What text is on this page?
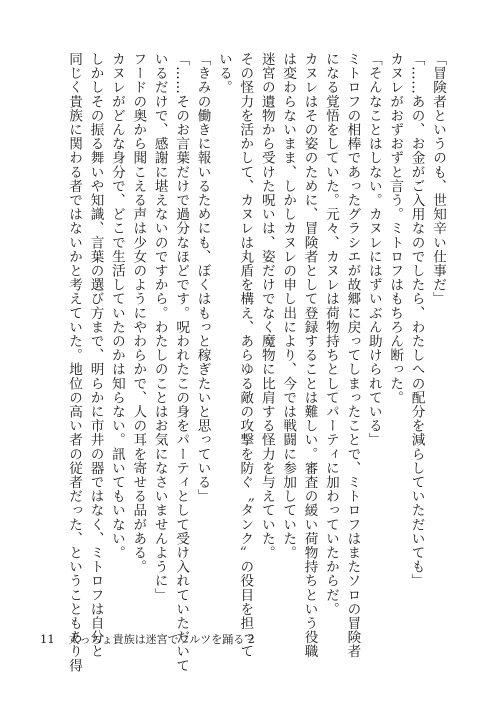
「冒険者というのも、世知辛い仕事だ」
「……あの、お金がご入用なのでしたら、わたしへの配分を減らしていただいても」
カヌレがおずおずと言う。ミトロフはもちろん断った。
「そんなことはしない。カヌレにはずいぶん助けられている」
ミトロフの相棒であったグラシエが故郷に戻ってしまったことで、ミトロフはまたソロの冒険者
になる覚悟をしていた。元々、カヌレは荷物持ちとしてパーティに加わっていたからだ。
カヌレはその姿のために、冒険者として登録することは難しい。審査の緩い荷物持ちという役職
は変わらないまま、しかしカヌレの申し出により、今では戦闘に参加していた。
迷宮の遺物から受けた呪いは、姿だけでなく魔物に比肩する怪力を与えていた。
その怪力を活かして、カヌレは丸盾を構え、あらゆる敵の攻撃を防ぐ〝タンク〟の役目を担って
いる。
「きみの働きに報いるためにも、ぼくはもっと稼ぎたいと思っている」
「……そのお言葉だけで過分なほどです。呪われたこの身をパーティとして受け入れていただいて
いるだけで、感謝に堪えないのですから。わたしのことはお気になさいませんように」
フードの奥から聞こえる声は少女のようにやわらかで、人の耳を寄せる品がある。
カヌレがどんな身分で、どこで生活していたのかは知らない。訊いてもいない。
しかしその振る舞いや知識、言葉の選び方まで、明らかに市井の器ではなく、ミトロフは自分と
同じく貴族に関わる者ではないかと考えていた。地位の高い者の従者だった、ということもあり得
11 太っちょ貴族は迷宮でワルツを踊る 2
